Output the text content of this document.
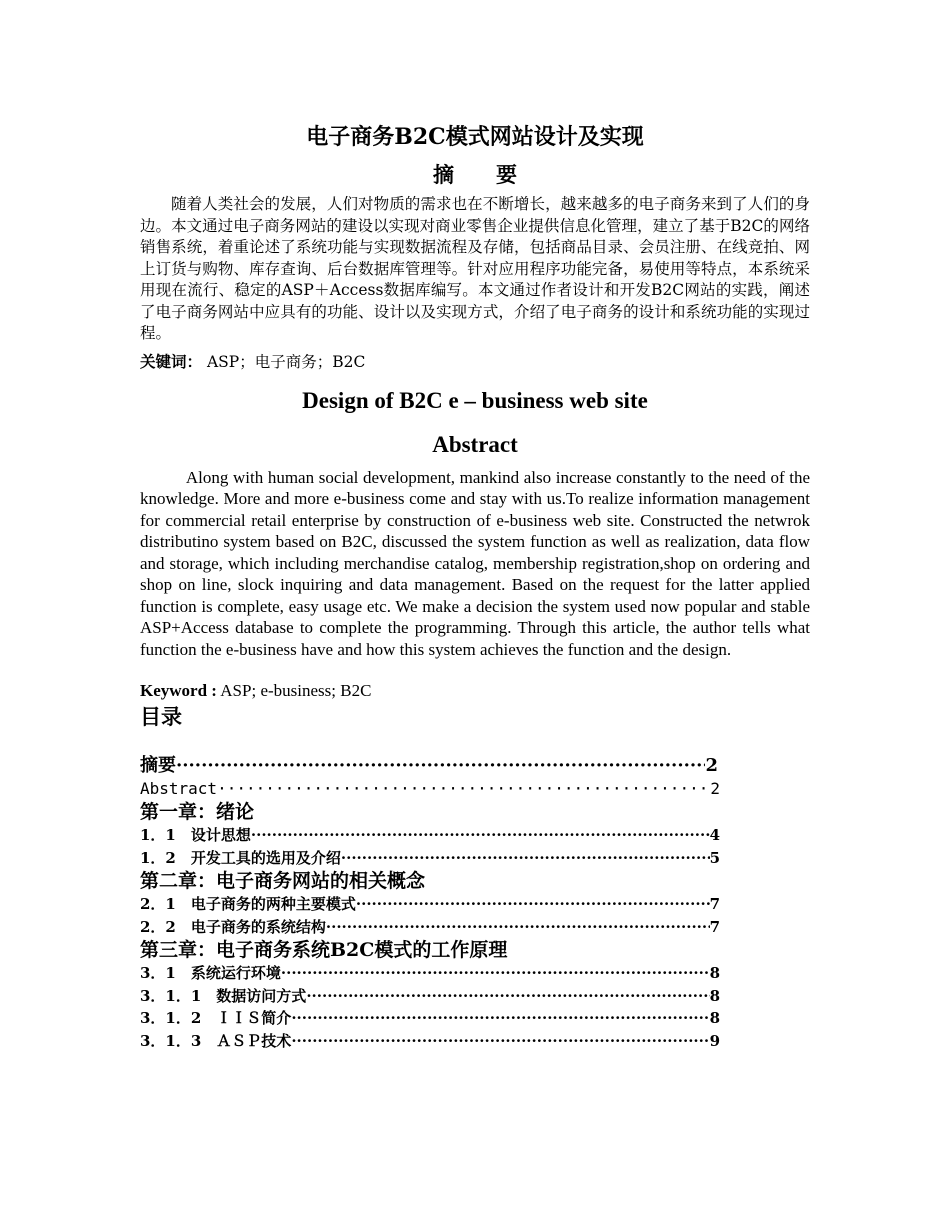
电子商务B2C模式网站设计及实现
摘　　要

随着人类社会的发展，人们对物质的需求也在不断增长，越来越多的电子商务来到了人们的身边。本文通过电子商务网站的建设以实现对商业零售企业提供信息化管理，建立了基于B2C的网络销售系统，着重论述了系统功能与实现数据流程及存储，包括商品目录、会员注册、在线竞拍、网上订货与购物、库存查询、后台数据库管理等。针对应用程序功能完备，易使用等特点，本系统采用现在流行、稳定的ASP＋Access数据库编写。本文通过作者设计和开发B2C网站的实践，阐述了电子商务网站中应具有的功能、设计以及实现方式，介绍了电子商务的设计和系统功能的实现过程。

关键词： ASP；电子商务；B2C

Design of B2C e – business web site
Abstract

Along with human social development, mankind also increase constantly to the need of the knowledge. More and more e-business come and stay with us.To realize information management for commercial retail enterprise by construction of e-business web site. Constructed the netwrok distributino system based on B2C, discussed the system function as well as realization, data flow and storage, which including merchandise catalog, membership registration,shop on ordering and shop on line, slock inquiring and data management. Based on the request for the latter applied function is complete, easy usage etc. We make a decision the system used now popular and stable ASP+Access database to complete the programming. Through this article, the author tells what function the e-business have and how this system achieves the function and the design.

Keyword : ASP; e-business; B2C

目录
摘要 ·····	2
Abstract ·····	2
第一章：绪论
1．1　设计思想 ·····	4
1．2　开发工具的选用及介绍 ·····	5
第二章：电子商务网站的相关概念
2．1　电子商务的两种主要模式 ·····	7
2．2　电子商务的系统结构 ·····	7
第三章：电子商务系统B2C模式的工作原理
3．1　系统运行环境 ·····	8
3．1．1　数据访问方式 ·····	8
3．1．2　ＩＩＳ简介 ·····	8
3．1．3　ＡＳＰ技术 ·····	9
